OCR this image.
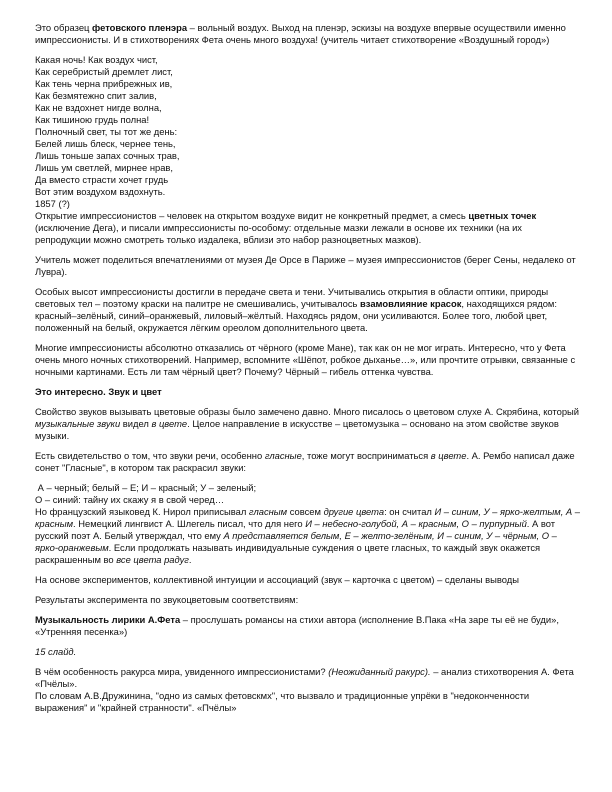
Это образец фетовского пленэра – вольный воздух. Выход на пленэр, эскизы на воздухе впервые осуществили именно импрессионисты. И в стихотворениях Фета очень много воздуха! (учитель читает стихотворение «Воздушный город»)

Какая ночь! Как воздух чист,
Как серебристый дремлет лист,
Как тень черна прибрежных ив,
Как безмятежно спит залив,
Как не вздохнет нигде волна,
Как тишиною грудь полна!
Полночный свет, ты тот же день:
Белей лишь блеск, чернее тень,
Лишь тоньше запах сочных трав,
Лишь ум светлей, мирнее нрав,
Да вместо страсти хочет грудь
Вот этим воздухом вздохнуть.
1857 (?)

Открытие импрессионистов – человек на открытом воздухе видит не конкретный предмет, а смесь цветных точек (исключение Дега), и писали импрессионисты по-особому: отдельные мазки лежали в основе их техники (на их репродукции можно смотреть только издалека, вблизи это набор разноцветных мазков).

Учитель может поделиться впечатлениями от музея Де Орсе в Париже – музея импрессионистов (берег Сены, недалеко от Лувра).

Особых высот импрессионисты достигли в передаче света и тени. Учитывались открытия в области оптики, природы световых тел – поэтому краски на палитре не смешивались, учитывалось взамовлияние красок, находящихся рядом: красный–зелёный, синий–оранжевый, лиловый–жёлтый. Находясь рядом, они усиливаются. Более того, любой цвет, положенный на белый, окружается лёгким ореолом дополнительного цвета.

Многие импрессионисты абсолютно отказались от чёрного (кроме Мане), так как он не мог играть. Интересно, что у Фета очень много ночных стихотворений. Например, вспомните «Шёпот, робкое дыханье…», или прочтите отрывки, связанные с ночными картинами. Есть ли там чёрный цвет? Почему? Чёрный – гибель оттенка чувства.

Это интересно. Звук и цвет

Свойство звуков вызывать цветовые образы было замечено давно. Много писалось о цветовом слухе А. Скрябина, который музыкальные звуки видел в цвете. Целое направление в искусстве – цветомузыка – основано на этом свойстве звуков музыки.

Есть свидетельство о том, что звуки речи, особенно гласные, тоже могут восприниматься в цвете. А. Рембо написал даже сонет "Гласные", в котором так раскрасил звуки:

А – черный; белый – Е; И – красный; У – зеленый;
О – синий: тайну их скажу я в свой черед…

Но французский языковед К. Нирол приписывал гласным совсем другие цвета: он считал И – синим, У – ярко-желтым, А – красным. Немецкий лингвист А. Шлегель писал, что для него И – небесно-голубой, А – красным, О – пурпурный. А вот русский поэт А. Белый утверждал, что ему А представляется белым, Е – желто-зелёным, И – синим, У – чёрным, О – ярко-оранжевым. Если продолжать называть индивидуальные суждения о цвете гласных, то каждый звук окажется раскрашенным во все цвета радуг.

На основе экспериментов, коллективной интуиции и ассоциаций (звук – карточка с цветом) – сделаны выводы

Результаты эксперимента по звукоцветовым соответствиям:

Музыкальность лирики А.Фета – прослушать романсы на стихи автора (исполнение В.Пака «На заре ты её не буди», «Утренняя песенка»)

15 слайд.

В чём особенность ракурса мира, увиденного импрессионистами? (Неожиданный ракурс). – анализ стихотворения А. Фета «Пчёлы».

По словам А.В.Дружинина, "одно из самых фетовскмх", что вызвало и традиционные упрёки в "недоконченности выражения" и "крайней странности". «Пчёлы»
